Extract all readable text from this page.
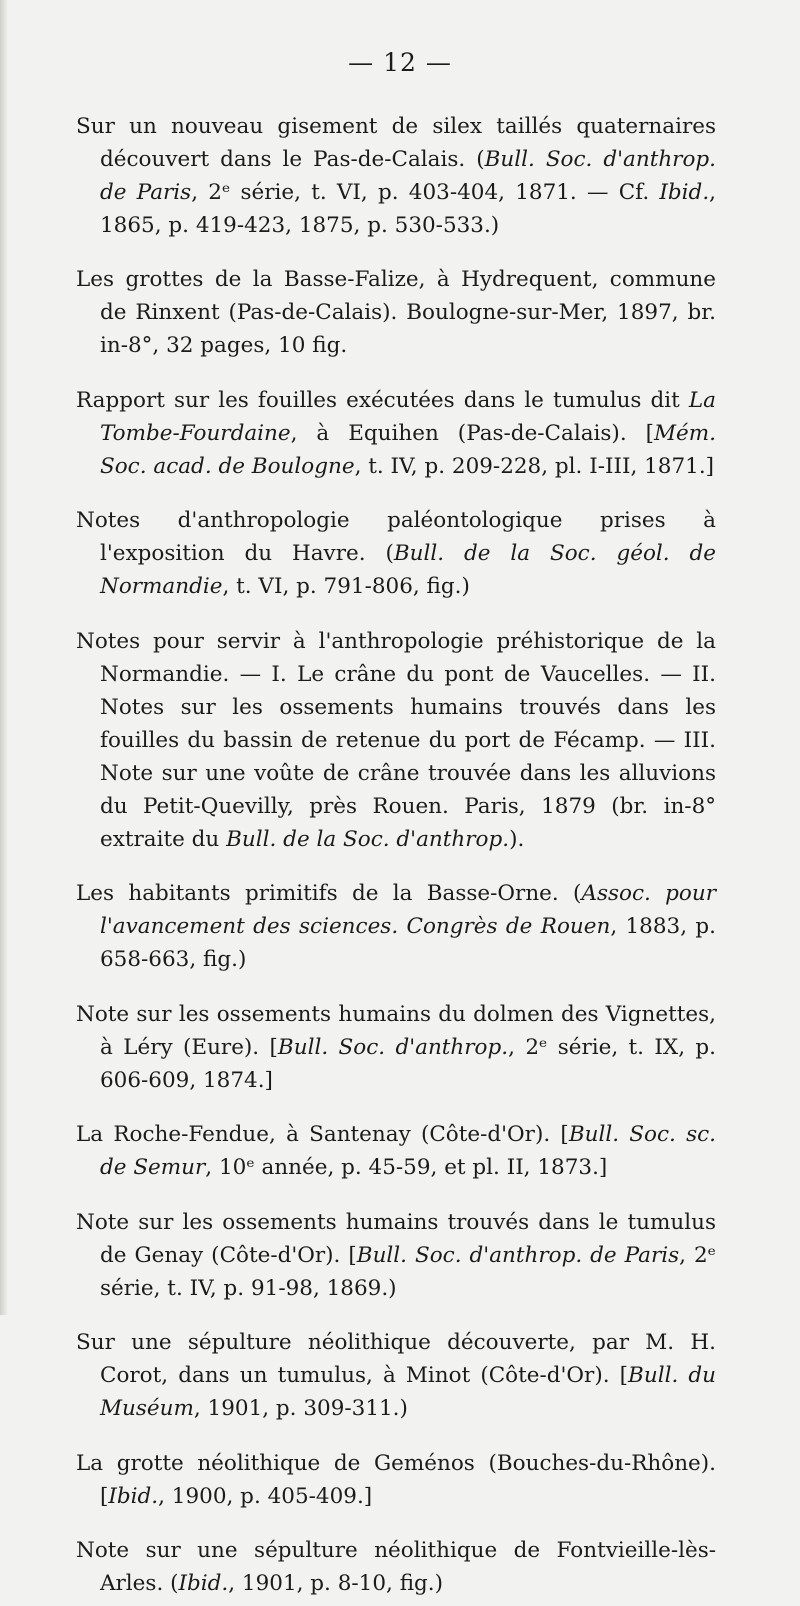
— 12 —

Sur un nouveau gisement de silex taillés quaternaires découvert dans le Pas-de-Calais. (Bull. Soc. d'anthrop. de Paris, 2ᵉ série, t. VI, p. 403-404, 1871. — Cf. Ibid., 1865, p. 419-423, 1875, p. 530-533.)

Les grottes de la Basse-Falize, à Hydrequent, commune de Rinxent (Pas-de-Calais). Boulogne-sur-Mer, 1897, br. in-8°, 32 pages, 10 fig.

Rapport sur les fouilles exécutées dans le tumulus dit La Tombe-Fourdaine, à Equihen (Pas-de-Calais). [Mém. Soc. acad. de Boulogne, t. IV, p. 209-228, pl. I-III, 1871.]

Notes d'anthropologie paléontologique prises à l'exposition du Havre. (Bull. de la Soc. géol. de Normandie, t. VI, p. 791-806, fig.)

Notes pour servir à l'anthropologie préhistorique de la Normandie. — I. Le crâne du pont de Vaucelles. — II. Notes sur les ossements humains trouvés dans les fouilles du bassin de retenue du port de Fécamp. — III. Note sur une voûte de crâne trouvée dans les alluvions du Petit-Quevilly, près Rouen. Paris, 1879 (br. in-8° extraite du Bull. de la Soc. d'anthrop.).

Les habitants primitifs de la Basse-Orne. (Assoc. pour l'avancement des sciences. Congrès de Rouen, 1883, p. 658-663, fig.)

Note sur les ossements humains du dolmen des Vignettes, à Léry (Eure). [Bull. Soc. d'anthrop., 2ᵉ série, t. IX, p. 606-609, 1874.]

La Roche-Fendue, à Santenay (Côte-d'Or). [Bull. Soc. sc. de Semur, 10ᵉ année, p. 45-59, et pl. II, 1873.]

Note sur les ossements humains trouvés dans le tumulus de Genay (Côte-d'Or). [Bull. Soc. d'anthrop. de Paris, 2ᵉ série, t. IV, p. 91-98, 1869.)

Sur une sépulture néolithique découverte, par M. H. Corot, dans un tumulus, à Minot (Côte-d'Or). [Bull. du Muséum, 1901, p. 309-311.)

La grotte néolithique de Geménos (Bouches-du-Rhône). [Ibid., 1900, p. 405-409.]

Note sur une sépulture néolithique de Fontvieille-lès-Arles. (Ibid., 1901, p. 8-10, fig.)
